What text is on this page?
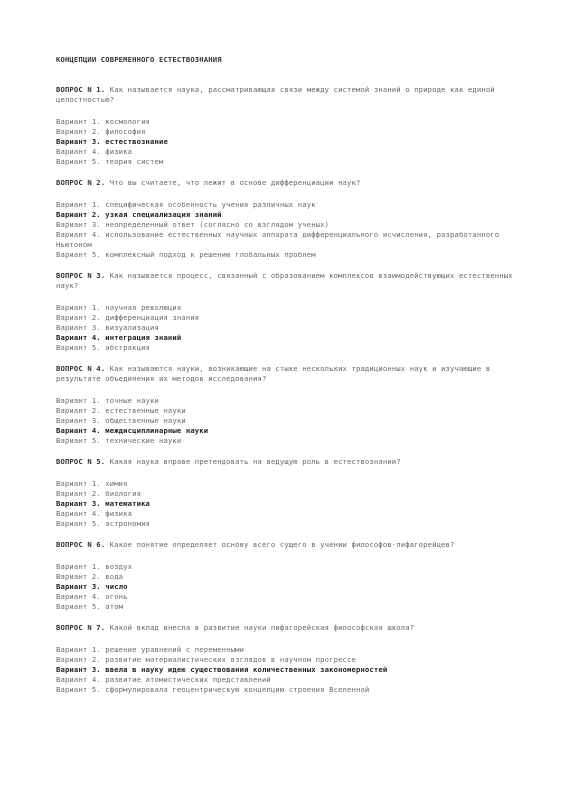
КОНЦЕПЦИИ СОВРЕМЕННОГО ЕСТЕСТВОЗНАНИЯ
ВОПРОС N 1. Как называется наука, рассматривающая связи между системой знаний о природе как единой целостностью?
Вариант 1. космология
Вариант 2. философия
Вариант 3. естествознание
Вариант 4. физика
Вариант 5. теория систем
ВОПРОС N 2. Что вы считаете, что лежит в основе дифференциации наук?
Вариант 1. специфическая особенность учения различных наук
Вариант 2. узкая специализация знаний
Вариант 3. неопределенный ответ (согласно со взглядом ученых)
Вариант 4. использование естественных научных аппарата дифференциального исчисления, разработанного Ньютоном
Вариант 5. комплексный подход к решению глобальных проблем
ВОПРОС N 3. Как называется процесс, связанный с образованием комплексов взаимодействующих естественных наук?
Вариант 1. научная революция
Вариант 2. дифференциация знания
Вариант 3. визуализация
Вариант 4. интеграция знаний
Вариант 5. абстракция
ВОПРОС N 4. Как называются науки, возникающие на стыке нескольких традиционных наук и изучающие в результате объединения их методов исследования?
Вариант 1. точные науки
Вариант 2. естественные науки
Вариант 3. общественные науки
Вариант 4. междисциплинарные науки
Вариант 5. технические науки
ВОПРОС N 5. Какая наука вправе претендовать на ведущую роль в естествознании?
Вариант 1. химия
Вариант 2. биология
Вариант 3. математика
Вариант 4. физика
Вариант 5. астрономия
ВОПРОС N 6. Какое понятие определяет основу всего сущего в учении философов-пифагорейцев?
Вариант 1. воздух
Вариант 2. вода
Вариант 3. число
Вариант 4. огонь
Вариант 5. атом
ВОПРОС N 7. Какой вклад внесла в развитие науки пифагорейская философская школа?
Вариант 1. решение уравнений с переменными
Вариант 2. развитие материалистических взглядов в научном прогрессе
Вариант 3. ввела в науку идею существования количественных закономерностей
Вариант 4. развитие атомистических представлений
Вариант 5. сформулировала геоцентрическую концепцию строения Вселенной
